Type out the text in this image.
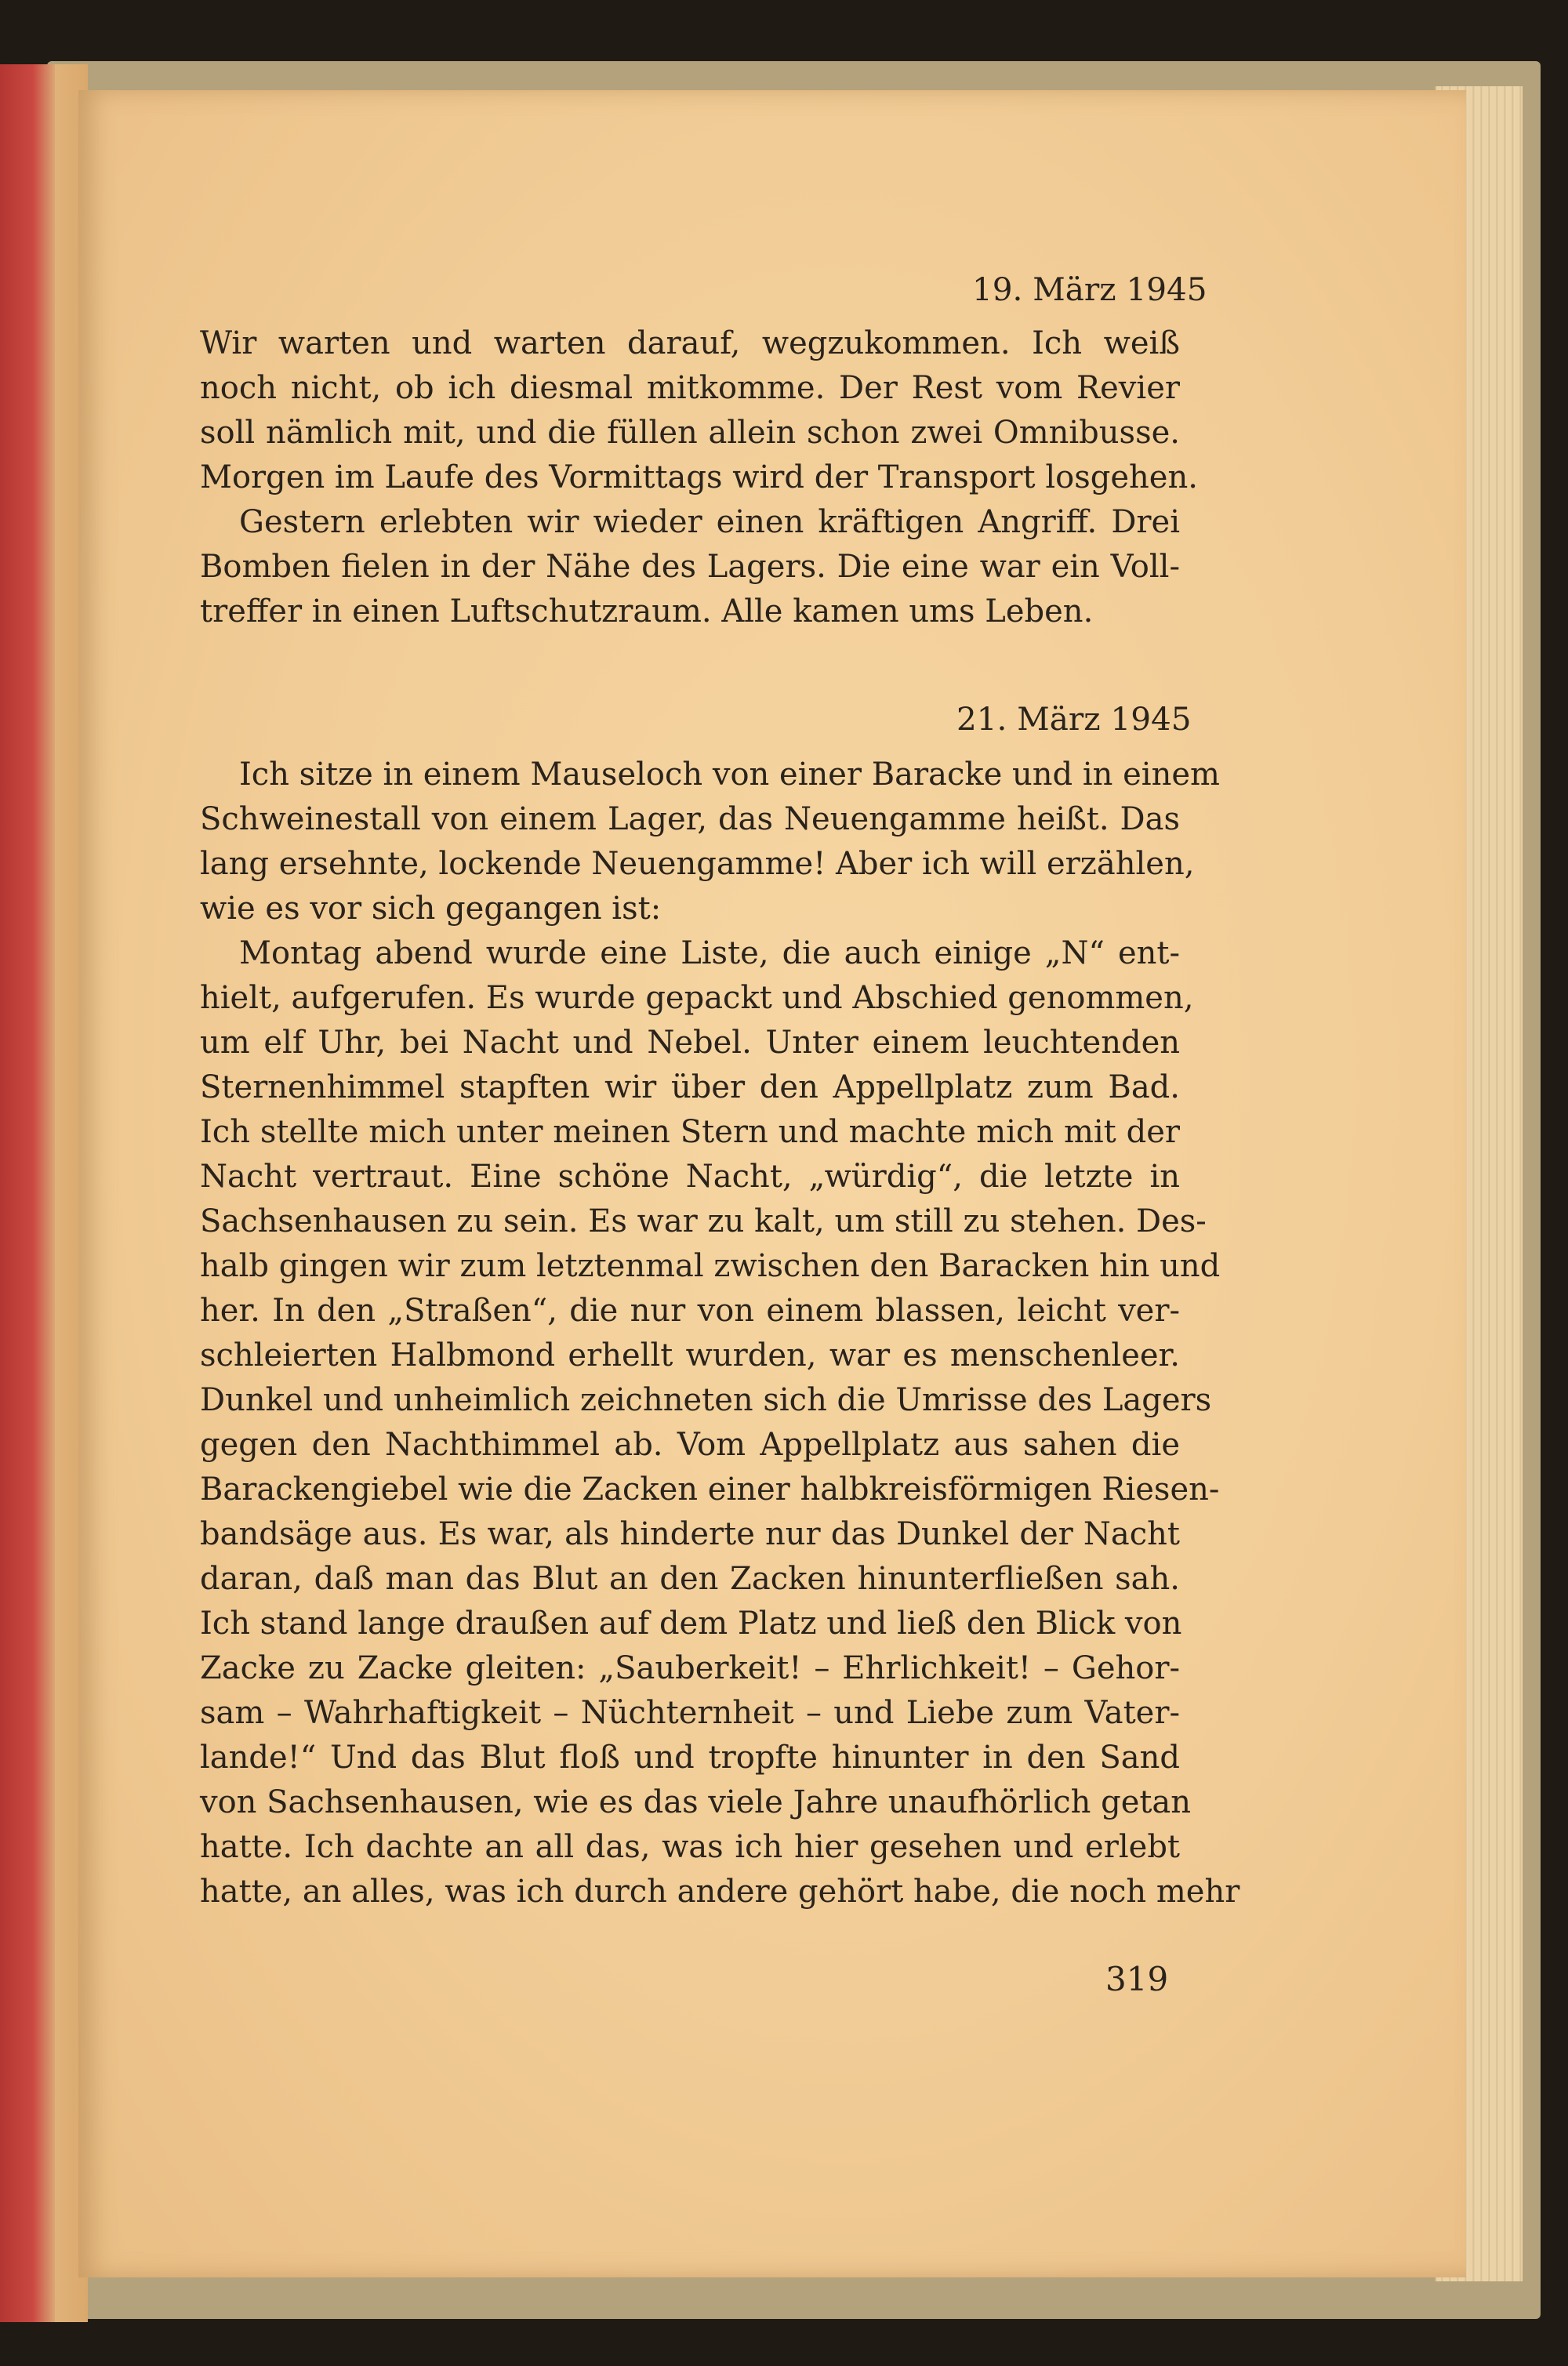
19. März 1945

Wir warten und warten darauf, wegzukommen. Ich weiß

noch nicht, ob ich diesmal mitkomme. Der Rest vom Revier

soll nämlich mit, und die füllen allein schon zwei Omnibusse.

Morgen im Laufe des Vormittags wird der Transport losgehen.

Gestern erlebten wir wieder einen kräftigen Angriff. Drei

Bomben fielen in der Nähe des Lagers. Die eine war ein Voll-

treffer in einen Luftschutzraum. Alle kamen ums Leben.

21. März 1945

Ich sitze in einem Mauseloch von einer Baracke und in einem

Schweinestall von einem Lager, das Neuengamme heißt. Das

lang ersehnte, lockende Neuengamme! Aber ich will erzählen,

wie es vor sich gegangen ist:

Montag abend wurde eine Liste, die auch einige „N“ ent-

hielt, aufgerufen. Es wurde gepackt und Abschied genommen,

um elf Uhr, bei Nacht und Nebel. Unter einem leuchtenden

Sternenhimmel stapften wir über den Appellplatz zum Bad.

Ich stellte mich unter meinen Stern und machte mich mit der

Nacht vertraut. Eine schöne Nacht, „würdig“, die letzte in

Sachsenhausen zu sein. Es war zu kalt, um still zu stehen. Des-

halb gingen wir zum letztenmal zwischen den Baracken hin und

her. In den „Straßen“, die nur von einem blassen, leicht ver-

schleierten Halbmond erhellt wurden, war es menschenleer.

Dunkel und unheimlich zeichneten sich die Umrisse des Lagers

gegen den Nachthimmel ab. Vom Appellplatz aus sahen die

Barackengiebel wie die Zacken einer halbkreisförmigen Riesen-

bandsäge aus. Es war, als hinderte nur das Dunkel der Nacht

daran, daß man das Blut an den Zacken hinunterfließen sah.

Ich stand lange draußen auf dem Platz und ließ den Blick von

Zacke zu Zacke gleiten: „Sauberkeit! – Ehrlichkeit! – Gehor-

sam – Wahrhaftigkeit – Nüchternheit – und Liebe zum Vater-

lande!“ Und das Blut floß und tropfte hinunter in den Sand

von Sachsenhausen, wie es das viele Jahre unaufhörlich getan

hatte. Ich dachte an all das, was ich hier gesehen und erlebt

hatte, an alles, was ich durch andere gehört habe, die noch mehr

319
